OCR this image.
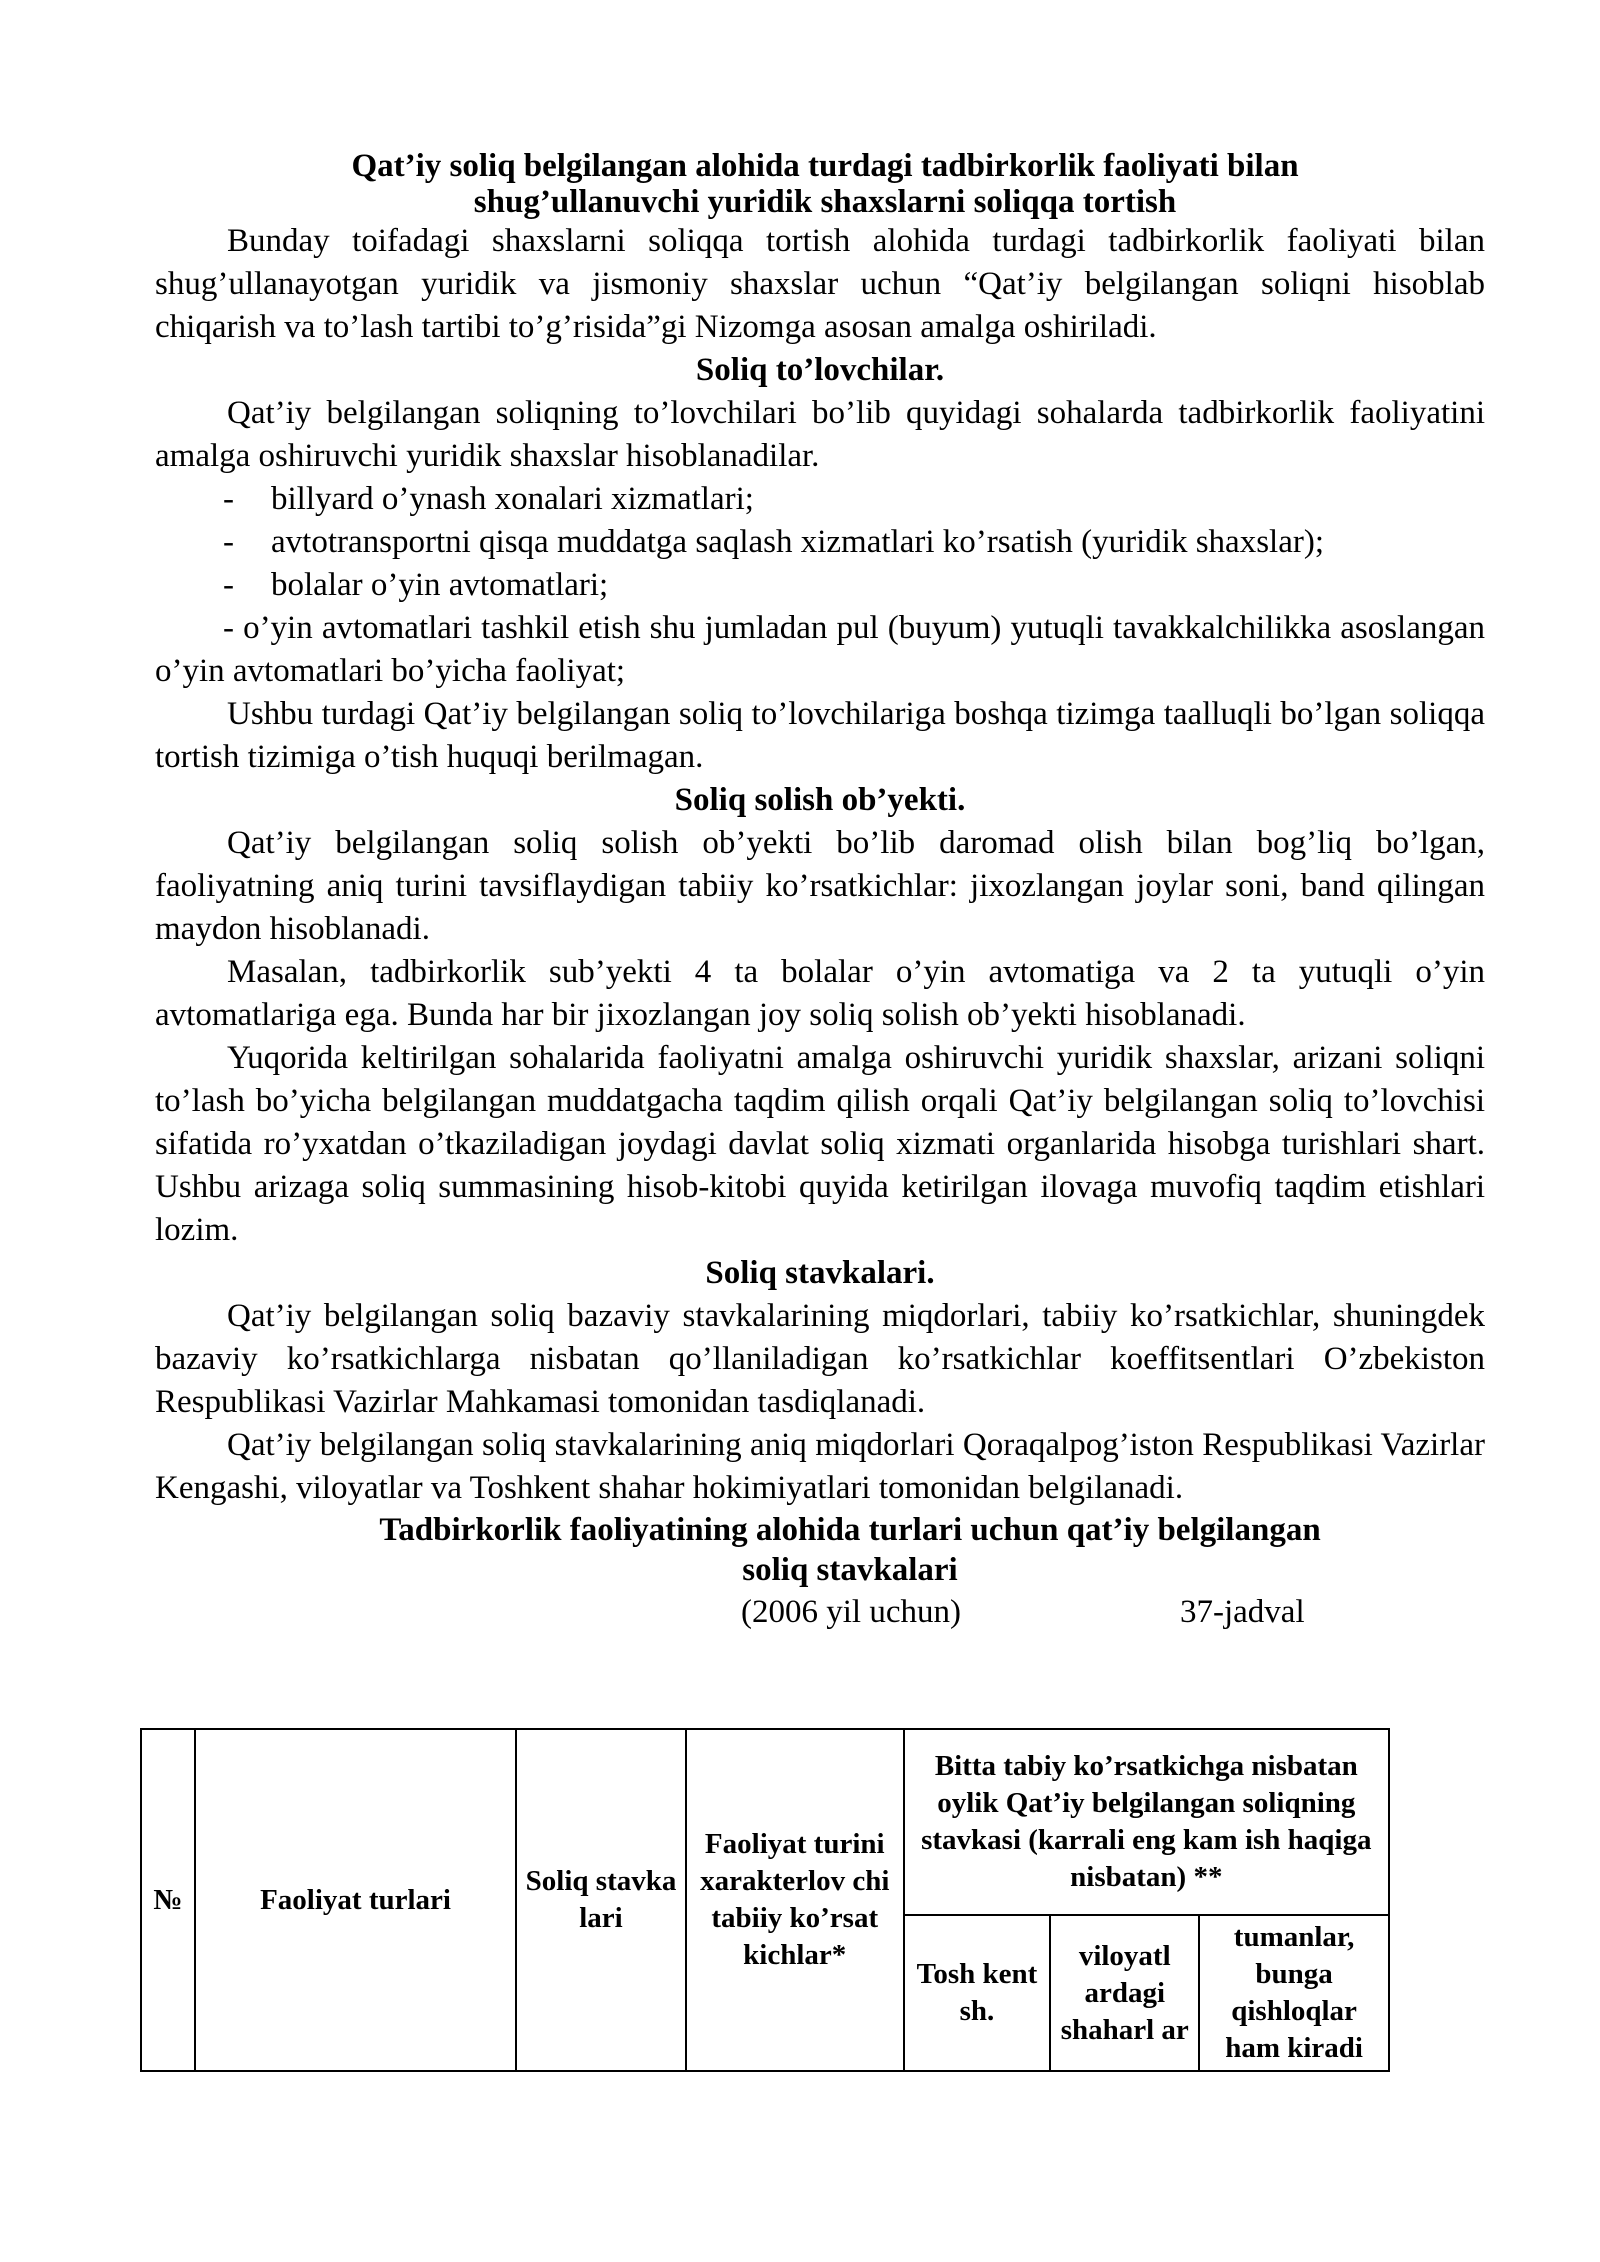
Qat’iy soliq belgilangan alohida turdagi tadbirkorlik faoliyati bilan

shug’ullanuvchi yuridik shaxslarni soliqqa tortish

Bunday toifadagi shaxslarni soliqqa tortish alohida turdagi tadbirkorlik faoliyati bilan shug’ullanayotgan yuridik va jismoniy shaxslar uchun “Qat’iy belgilangan soliqni hisoblab chiqarish va to’lash tartibi to’g’risida”gi Nizomga asosan amalga oshiriladi.

Soliq to’lovchilar.

Qat’iy belgilangan soliqning to’lovchilari bo’lib quyidagi sohalarda tadbirkorlik faoliyatini amalga oshiruvchi yuridik shaxslar hisoblanadilar.

-	billyard o’ynash xonalari xizmatlari;
-	avtotransportni qisqa muddatga saqlash xizmatlari ko’rsatish (yuridik shaxslar);
-	bolalar o’yin avtomatlari;

- o’yin avtomatlari tashkil etish shu jumladan pul (buyum) yutuqli tavakkalchilikka asoslangan o’yin avtomatlari bo’yicha faoliyat;

Ushbu turdagi Qat’iy belgilangan soliq to’lovchilariga boshqa tizimga taalluqli bo’lgan soliqqa tortish tizimiga o’tish huquqi berilmagan.

Soliq solish ob’yekti.

Qat’iy belgilangan soliq solish ob’yekti bo’lib daromad olish bilan bog’liq bo’lgan, faoliyatning aniq turini tavsiflaydigan tabiiy ko’rsatkichlar: jixozlangan joylar soni, band qilingan maydon hisoblanadi.

Masalan, tadbirkorlik sub’yekti 4 ta bolalar o’yin avtomatiga va 2 ta yutuqli o’yin avtomatlariga ega. Bunda har bir jixozlangan joy soliq solish ob’yekti hisoblanadi.

Yuqorida keltirilgan sohalarida faoliyatni amalga oshiruvchi yuridik shaxslar, arizani soliqni to’lash bo’yicha belgilangan muddatgacha taqdim qilish orqali Qat’iy belgilangan soliq to’lovchisi sifatida ro’yxatdan o’tkaziladigan joydagi davlat soliq xizmati organlarida hisobga turishlari shart. Ushbu arizaga soliq summasining hisob-kitobi quyida ketirilgan ilovaga muvofiq taqdim etishlari lozim.

Soliq stavkalari.

Qat’iy belgilangan soliq bazaviy stavkalarining miqdorlari, tabiiy ko’rsatkichlar, shuningdek bazaviy ko’rsatkichlarga nisbatan qo’llaniladigan ko’rsatkichlar koeffitsentlari O’zbekiston Respublikasi Vazirlar Mahkamasi tomonidan tasdiqlanadi.

Qat’iy belgilangan soliq stavkalarining aniq miqdorlari Qoraqalpog’iston Respublikasi Vazirlar Kengashi, viloyatlar va Toshkent shahar hokimiyatlari tomonidan belgilanadi.

Tadbirkorlik faoliyatining alohida turlari uchun qat’iy belgilangan

soliq stavkalari

(2006 yil uchun)	37-jadval
№	Faoliyat turlari	Soliq stavka lari	Faoliyat turini xarakterlov chi tabiiy ko’rsat kichlar*	Bitta tabiy ko’rsatkichga nisbatan oylik Qat’iy belgilangan soliqning stavkasi (karrali eng kam ish haqiga nisbatan) **		
				Tosh kent sh.	viloyatl ardagi shaharl ar	tumanlar, bunga qishloqlar ham kiradi
